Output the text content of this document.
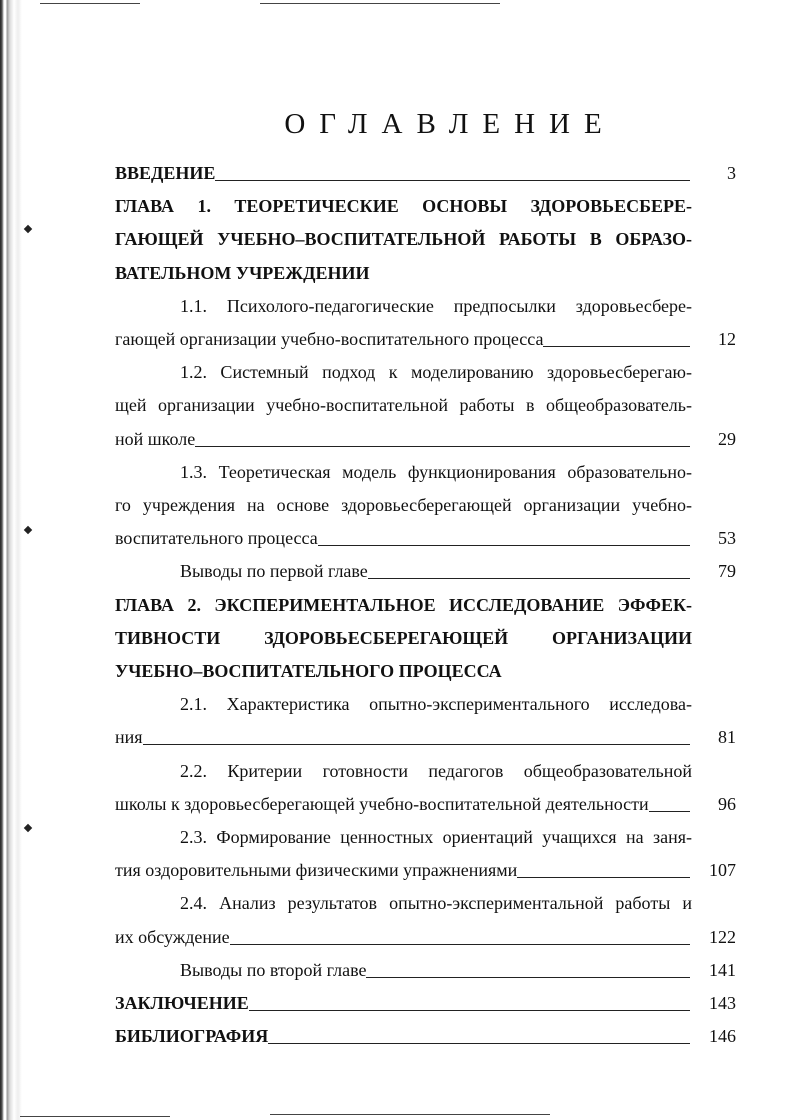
ОГЛАВЛЕНИЕ
3
ВВЕДЕНИЕ
ГЛАВА 1. ТЕОРЕТИЧЕСКИЕ ОСНОВЫ ЗДОРОВЬЕСБЕРЕ-
ГАЮЩЕЙ УЧЕБНО–ВОСПИТАТЕЛЬНОЙ РАБОТЫ В ОБРАЗО-
ВАТЕЛЬНОМ УЧРЕЖДЕНИИ
1.1. Психолого-педагогические предпосылки здоровьесбере-
12
гающей организации учебно-воспитательного процесса
1.2. Системный подход к моделированию здоровьесберегаю-
щей организации учебно-воспитательной работы в общеобразователь-
29
ной школе
1.3. Теоретическая модель функционирования образовательно-
го учреждения на основе здоровьесберегающей организации учебно-
53
воспитательного процесса
79
Выводы по первой главе
ГЛАВА 2. ЭКСПЕРИМЕНТАЛЬНОЕ ИССЛЕДОВАНИЕ ЭФФЕК-
ТИВНОСТИ ЗДОРОВЬЕСБЕРЕГАЮЩЕЙ ОРГАНИЗАЦИИ
УЧЕБНО–ВОСПИТАТЕЛЬНОГО ПРОЦЕССА
2.1. Характеристика опытно-экспериментального исследова-
81
ния
2.2. Критерии готовности педагогов общеобразовательной
96
школы к здоровьесберегающей учебно-воспитательной деятельности
2.3. Формирование ценностных ориентаций учащихся на заня-
107
тия оздоровительными физическими упражнениями
2.4. Анализ результатов опытно-экспериментальной работы и
122
их обсуждение
141
Выводы по второй главе
143
ЗАКЛЮЧЕНИЕ
146
БИБЛИОГРАФИЯ
